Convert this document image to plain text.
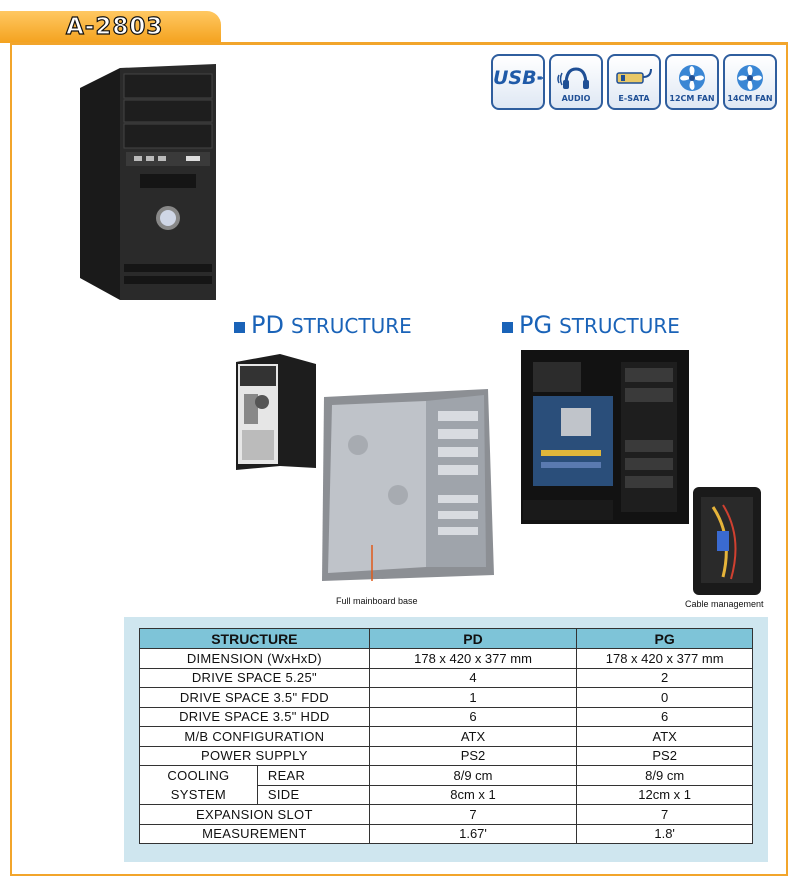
A-2803
USB
AUDIO	E-SATA 12CM FAN 14CM FAN
PD STRUCTURE
Full mainboard base
PG STRUCTURE
Cable management
STRUCTURE		PD	PG
DIMENSION (WxHxD)		178 x 420 x 377 mm	178 x 420 x 377 mm
DRIVE SPACE 5.25"		4	2
DRIVE SPACE 3.5" FDD		1	0
DRIVE SPACE 3.5" HDD		6	6
M/B CONFIGURATION		ATX	ATX
POWER SUPPLY		PS2	PS2
COOLING	REAR	8/9 cm	8/9 cm
SYSTEM	SIDE	8cm x 1	12cm x 1
EXPANSION SLOT		7	7
MEASUREMENT		1.67'	1.8'
